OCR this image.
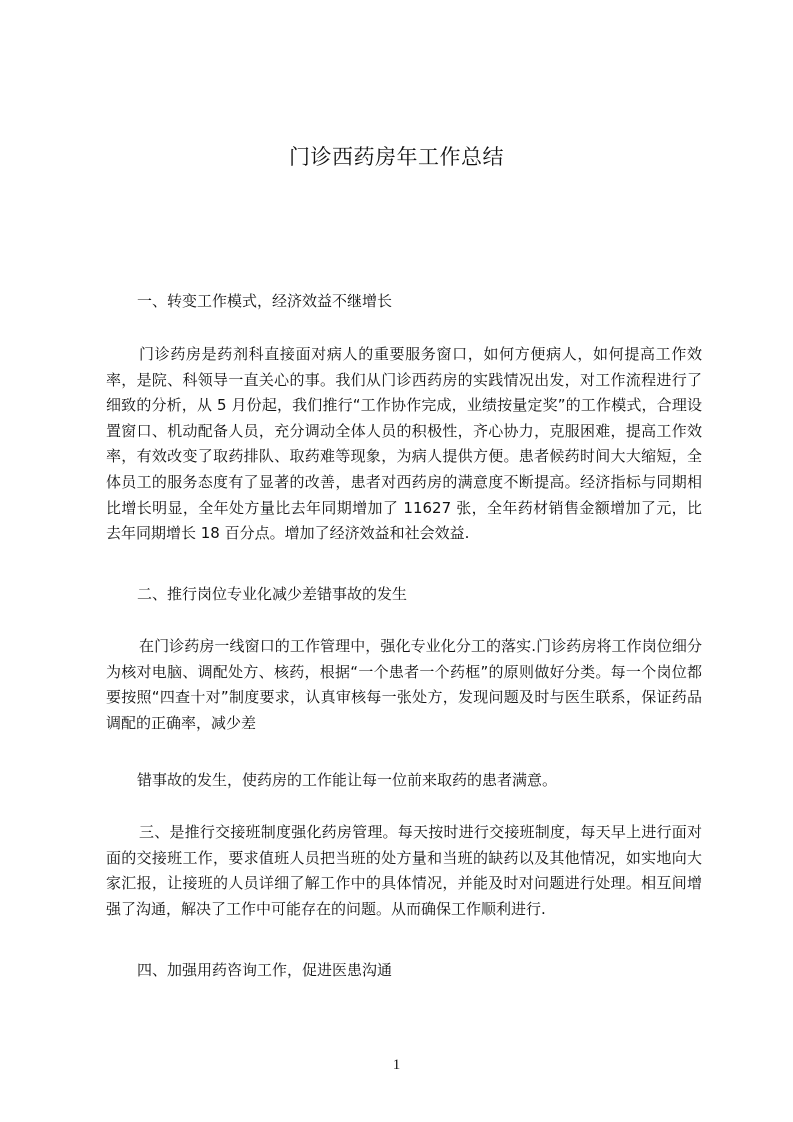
门诊西药房年工作总结
一、转变工作模式，经济效益不继增长
门诊药房是药剂科直接面对病人的重要服务窗口，如何方便病人，如何提高工作效率，是院、科领导一直关心的事。我们从门诊西药房的实践情况出发，对工作流程进行了细致的分析，从 5 月份起，我们推行“工作协作完成，业绩按量定奖”的工作模式，合理设置窗口、机动配备人员，充分调动全体人员的积极性，齐心协力，克服困难，提高工作效率，有效改变了取药排队、取药难等现象，为病人提供方便。患者候药时间大大缩短，全体员工的服务态度有了显著的改善，患者对西药房的满意度不断提高。经济指标与同期相比增长明显，全年处方量比去年同期增加了 11627 张，全年药材销售金额增加了元，比去年同期增长 18 百分点。增加了经济效益和社会效益.
二、推行岗位专业化减少差错事故的发生
在门诊药房一线窗口的工作管理中，强化专业化分工的落实.门诊药房将工作岗位细分为核对电脑、调配处方、核药，根据“一个患者一个药框”的原则做好分类。每一个岗位都要按照“四查十对”制度要求，认真审核每一张处方，发现问题及时与医生联系，保证药品调配的正确率，减少差
错事故的发生，使药房的工作能让每一位前来取药的患者满意。
三、是推行交接班制度强化药房管理。每天按时进行交接班制度，每天早上进行面对面的交接班工作，要求值班人员把当班的处方量和当班的缺药以及其他情况，如实地向大家汇报，让接班的人员详细了解工作中的具体情况，并能及时对问题进行处理。相互间增强了沟通，解决了工作中可能存在的问题。从而确保工作顺利进行.
四、加强用药咨询工作，促进医患沟通
1
